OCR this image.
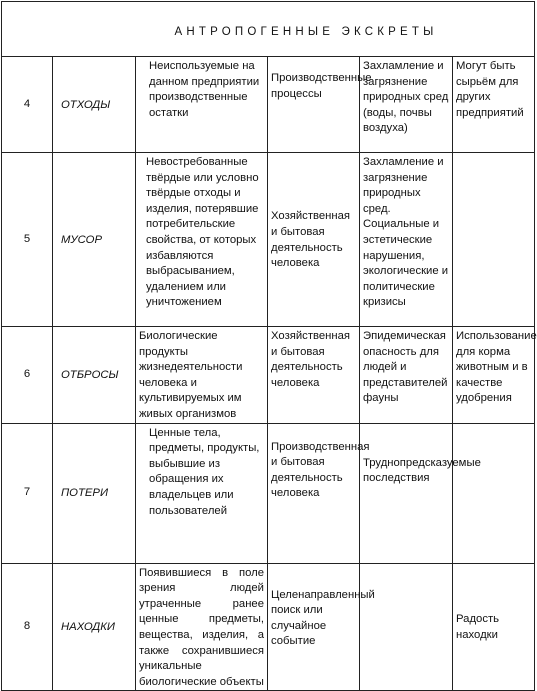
АНТРОПОГЕННЫЕ ЭКСКРЕТЫ					
4	ОТХОДЫ	Неиспользуемые на данном предприятии производственные остатки	Производственные процессы	Захламление и загрязнение природных сред (воды, почвы воздуха)	Могут быть сырьём для других предприятий

5	МУСОР	Невостребованные твёрдые или условно твёрдые отходы и изделия, потерявшие потребительские свойства, от которых избавляются выбрасыванием, удалением или уничтожением	Хозяйственная и бытовая деятельность человека	Захламление и загрязнение природных сред. Социальные и эстетические нарушения, экологические и политические кризисы	

6	ОТБРОСЫ	Биологические продукты жизнедеятельности человека и культивируемых им живых организмов	Хозяйственная и бытовая деятельность человека	Эпидемическая опасность для людей и представителей фауны	Использование для корма животным и в качестве удобрения

7	ПОТЕРИ	Ценные тела, предметы, продукты, выбывшие из обращения их владельцев или пользователей	Производственная и бытовая деятельность человека	Труднопредсказуемые последствия	

8	НАХОДКИ	Появившиеся в поле зрения людей утраченные ранее ценные предметы, вещества, изделия, а также сохранившиеся уникальные биологические объекты	Целенаправленный поиск или случайное событие		Радость находки
